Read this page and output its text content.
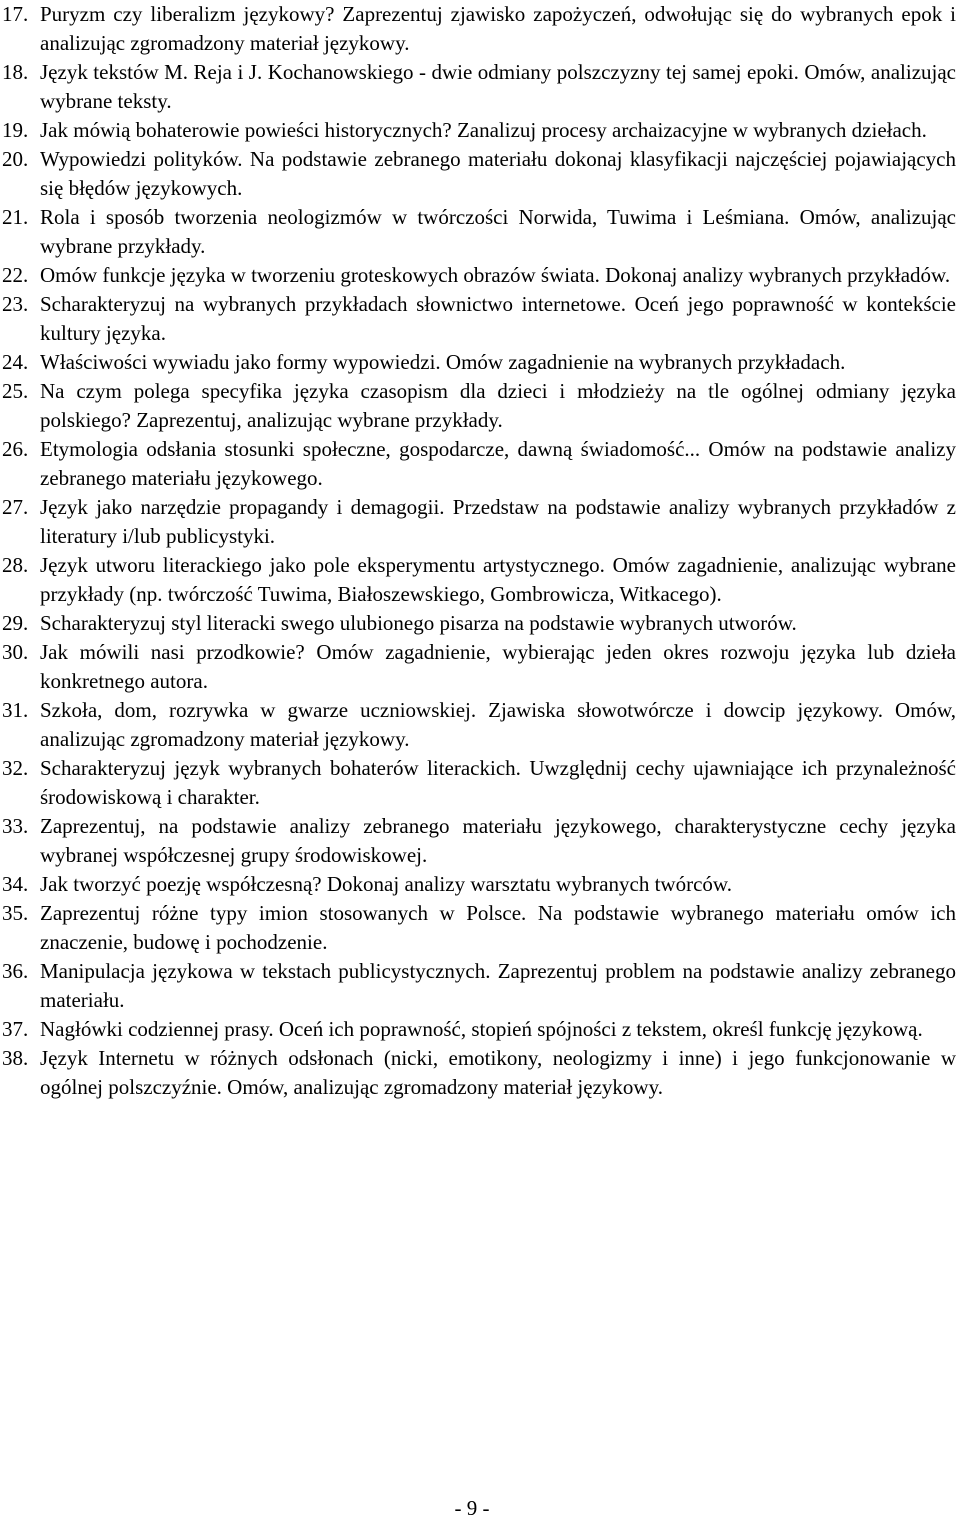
17. Puryzm czy liberalizm językowy? Zaprezentuj zjawisko zapożyczeń, odwołując się do wybranych epok i analizując zgromadzony materiał językowy.
18. Język tekstów M. Reja i J. Kochanowskiego - dwie odmiany polszczyzny tej samej epoki. Omów, analizując wybrane teksty.
19. Jak mówią bohaterowie powieści historycznych? Zanalizuj procesy archaizacyjne w wybranych dziełach.
20. Wypowiedzi polityków. Na podstawie zebranego materiału dokonaj klasyfikacji najczęściej pojawiających się błędów językowych.
21. Rola i sposób tworzenia neologizmów w twórczości Norwida, Tuwima i Leśmiana. Omów, analizując wybrane przykłady.
22. Omów funkcje języka w tworzeniu groteskowych obrazów świata. Dokonaj analizy wybranych przykładów.
23. Scharakteryzuj na wybranych przykładach słownictwo internetowe. Oceń jego poprawność w kontekście kultury języka.
24. Właściwości wywiadu jako formy wypowiedzi. Omów zagadnienie na wybranych przykładach.
25. Na czym polega specyfika języka czasopism dla dzieci i młodzieży na tle ogólnej odmiany języka polskiego? Zaprezentuj, analizując wybrane przykłady.
26. Etymologia odsłania stosunki społeczne, gospodarcze, dawną świadomość... Omów na podstawie analizy zebranego materiału językowego.
27. Język jako narzędzie propagandy i demagogii. Przedstaw na podstawie analizy wybranych przykładów z literatury i/lub publicystyki.
28. Język utworu literackiego jako pole eksperymentu artystycznego. Omów zagadnienie, analizując wybrane przykłady (np. twórczość Tuwima, Białoszewskiego, Gombrowicza, Witkacego).
29. Scharakteryzuj styl literacki swego ulubionego pisarza na podstawie wybranych utworów.
30. Jak mówili nasi przodkowie? Omów zagadnienie, wybierając jeden okres rozwoju języka lub dzieła konkretnego autora.
31. Szkoła, dom, rozrywka w gwarze uczniowskiej. Zjawiska słowotwórcze i dowcip językowy. Omów, analizując zgromadzony materiał językowy.
32. Scharakteryzuj język wybranych bohaterów literackich. Uwzględnij cechy ujawniające ich przynależność środowiskową i charakter.
33. Zaprezentuj, na podstawie analizy zebranego materiału językowego, charakterystyczne cechy języka wybranej współczesnej grupy środowiskowej.
34. Jak tworzyć poezję współczesną? Dokonaj analizy warsztatu wybranych twórców.
35. Zaprezentuj różne typy imion stosowanych w Polsce. Na podstawie wybranego materiału omów ich znaczenie, budowę i pochodzenie.
36. Manipulacja językowa w tekstach publicystycznych. Zaprezentuj problem na podstawie analizy zebranego materiału.
37. Nagłówki codziennej prasy. Oceń ich poprawność, stopień spójności z tekstem, określ funkcję językową.
38. Język Internetu w różnych odsłonach (nicki, emotikony, neologizmy i inne) i jego funkcjonowanie w ogólnej polszczyźnie. Omów, analizując zgromadzony materiał językowy.
- 9 -
